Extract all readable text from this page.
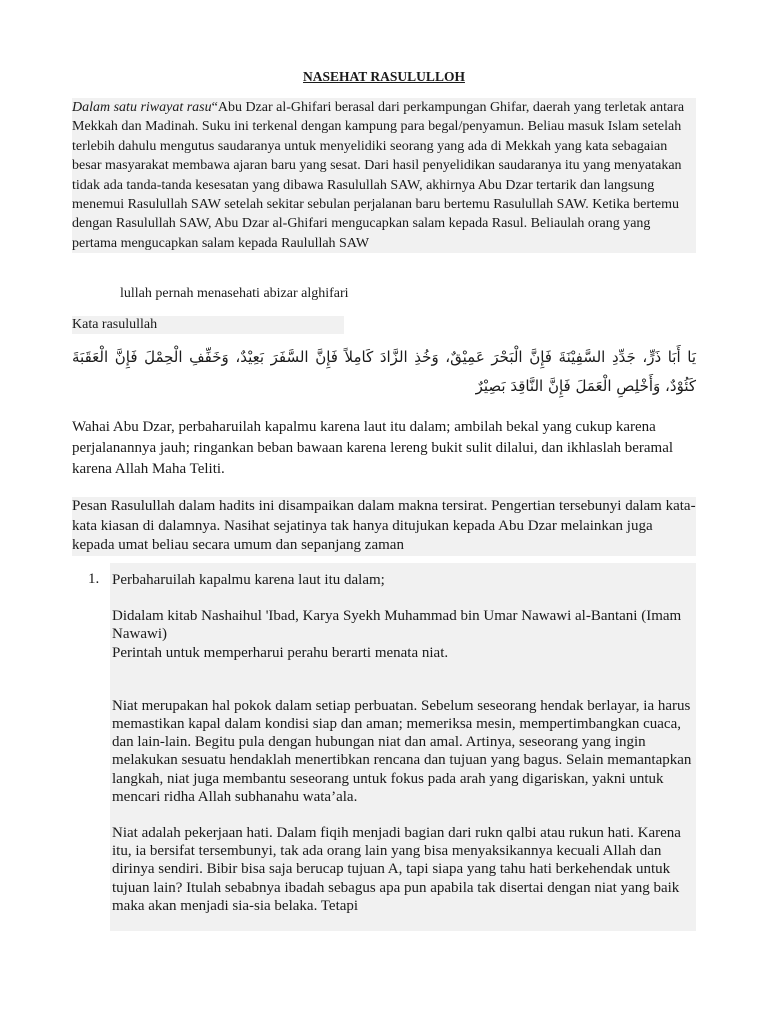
NASEHAT RASULULLOH
Dalam satu riwayat rasu“Abu Dzar al-Ghifari berasal dari perkampungan Ghifar, daerah yang terletak antara Mekkah dan Madinah. Suku ini terkenal dengan kampung para begal/penyamun. Beliau masuk Islam setelah terlebih dahulu mengutus saudaranya untuk menyelidiki seorang yang ada di Mekkah yang kata sebagaian besar masyarakat membawa ajaran baru yang sesat. Dari hasil penyelidikan saudaranya itu yang menyatakan tidak ada tanda-tanda kesesatan yang dibawa Rasulullah SAW, akhirnya Abu Dzar tertarik dan langsung menemui Rasulullah SAW setelah sekitar sebulan perjalanan baru bertemu Rasulullah SAW. Ketika bertemu dengan Rasulullah SAW, Abu Dzar al-Ghifari mengucapkan salam kepada Rasul. Beliaulah orang yang pertama mengucapkan salam kepada Raulullah SAW
lullah pernah menasehati abizar alghifari
Kata rasulullah
يَا أَبَا ذَرٍّ، جَدِّدِ السَّفِيْنَةَ فَإِنَّ الْبَحْرَ عَمِيْقٌ، وَخُذِ الزَّادَ كَامِلاً فَإِنَّ السَّفَرَ بَعِيْدٌ، وَخَفِّفِ الْحِمْلَ فَإِنَّ الْعَقَبَةَ كَئُوْدٌ، وَأَخْلِصِ الْعَمَلَ فَإِنَّ النَّاقِدَ بَصِيْرٌ
Wahai Abu Dzar, perbaharuilah kapalmu karena laut itu dalam; ambilah bekal yang cukup karena perjalanannya jauh; ringankan beban bawaan karena lereng bukit sulit dilalui, dan ikhlaslah beramal karena Allah Maha Teliti.
Pesan Rasulullah dalam hadits ini disampaikan dalam makna tersirat. Pengertian tersebunyi dalam kata-kata kiasan di dalamnya. Nasihat sejatinya tak hanya ditujukan kepada Abu Dzar melainkan juga kepada umat beliau secara umum dan sepanjang zaman
1. Perbaharuilah kapalmu karena laut itu dalam;

Didalam kitab Nashaihul 'Ibad, Karya Syekh Muhammad bin Umar Nawawi al-Bantani (Imam Nawawi)

Perintah untuk memperharui perahu berarti menata niat.

Niat merupakan hal pokok dalam setiap perbuatan. Sebelum seseorang hendak berlayar, ia harus memastikan kapal dalam kondisi siap dan aman; memeriksa mesin, mempertimbangkan cuaca, dan lain-lain. Begitu pula dengan hubungan niat dan amal. Artinya, seseorang yang ingin melakukan sesuatu hendaklah menertibkan rencana dan tujuan yang bagus. Selain memantapkan langkah, niat juga membantu seseorang untuk fokus pada arah yang digariskan, yakni untuk mencari ridha Allah subhanahu wata’ala.

Niat adalah pekerjaan hati. Dalam fiqih menjadi bagian dari rukn qalbi atau rukun hati. Karena itu, ia bersifat tersembunyi, tak ada orang lain yang bisa menyaksikannya kecuali Allah dan dirinya sendiri. Bibir bisa saja berucap tujuan A, tapi siapa yang tahu hati berkehendak untuk tujuan lain? Itulah sebabnya ibadah sebagus apa pun apabila tak disertai dengan niat yang baik maka akan menjadi sia-sia belaka. Tetapi
